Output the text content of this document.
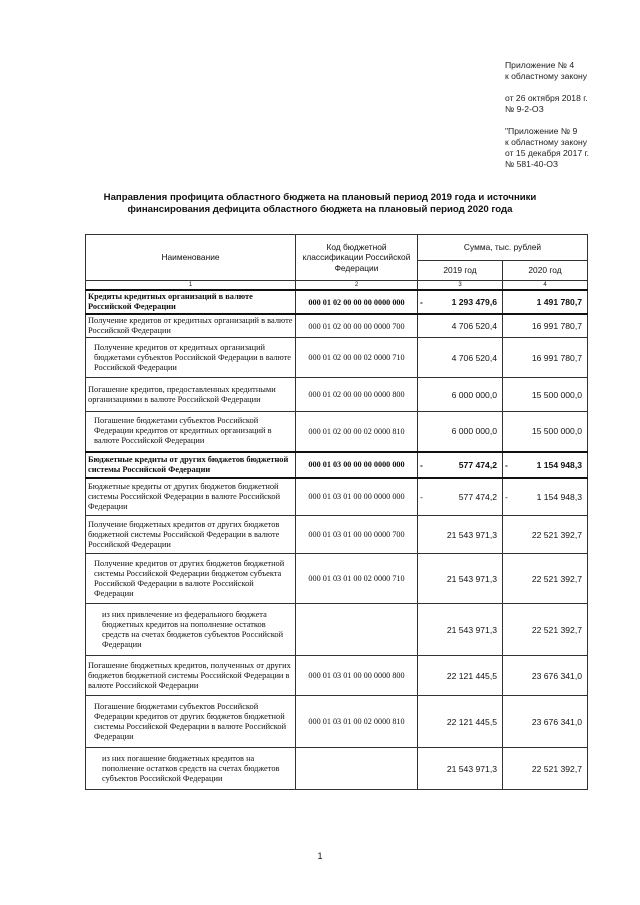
Приложение № 4
к областному закону
от 26 октября 2018 г.
№ 9-2-ОЗ
"Приложение № 9
к областному закону
от 15 декабря 2017 г.
№ 581-40-ОЗ
Направления профицита областного бюджета на плановый период 2019 года и источники
финансирования дефицита областного бюджета на плановый период 2020 года
Наименование	Код бюджетной классификации Российской Федерации	Сумма, тыс. рублей	
		2019 год	2020 год
1	2	3	4
Кредиты кредитных организаций в валюте Российской Федерации	000 01 02 00 00 00 0000 000	- 1 293 479,6	1 491 780,7
Получение кредитов от кредитных организаций в валюте Российской Федерации	000 01 02 00 00 00 0000 700	4 706 520,4	16 991 780,7
Получение кредитов от кредитных организаций бюджетами субъектов Российской Федерации в валюте Российской Федерации	000 01 02 00 00 02 0000 710	4 706 520,4	16 991 780,7
Погашение кредитов, предоставленных кредитными организациями в валюте Российской Федерации	000 01 02 00 00 00 0000 800	6 000 000,0	15 500 000,0
Погашение бюджетами субъектов Российской Федерации кредитов от кредитных организаций в валюте Российской Федерации	000 01 02 00 00 02 0000 810	6 000 000,0	15 500 000,0
Бюджетные кредиты от других бюджетов бюджетной системы Российской Федерации	000 01 03 00 00 00 0000 000	- 577 474,2	- 1 154 948,3
Бюджетные кредиты от других бюджетов бюджетной системы Российской Федерации в валюте Российской Федерации	000 01 03 01 00 00 0000 000	- 577 474,2	- 1 154 948,3
Получение бюджетных кредитов от других бюджетов бюджетной системы Российской Федерации в валюте Российской Федерации	000 01 03 01 00 00 0000 700	21 543 971,3	22 521 392,7
Получение кредитов от других бюджетов бюджетной системы Российской Федерации бюджетом субъекта Российской Федерации в валюте Российской Федерации	000 01 03 01 00 02 0000 710	21 543 971,3	22 521 392,7
из них привлечение из федерального бюджета бюджетных кредитов на пополнение остатков средств на счетах бюджетов субъектов Российской Федерации		21 543 971,3	22 521 392,7
Погашение бюджетных кредитов, полученных от других бюджетов бюджетной системы Российской Федерации в валюте Российской Федерации	000 01 03 01 00 00 0000 800	22 121 445,5	23 676 341,0
Погашение бюджетами субъектов Российской Федерации кредитов от других бюджетов бюджетной системы Российской Федерации в валюте Российской Федерации	000 01 03 01 00 02 0000 810	22 121 445,5	23 676 341,0
из них погашение бюджетных кредитов на пополнение остатков средств на счетах бюджетов субъектов Российской Федерации		21 543 971,3	22 521 392,7
1
